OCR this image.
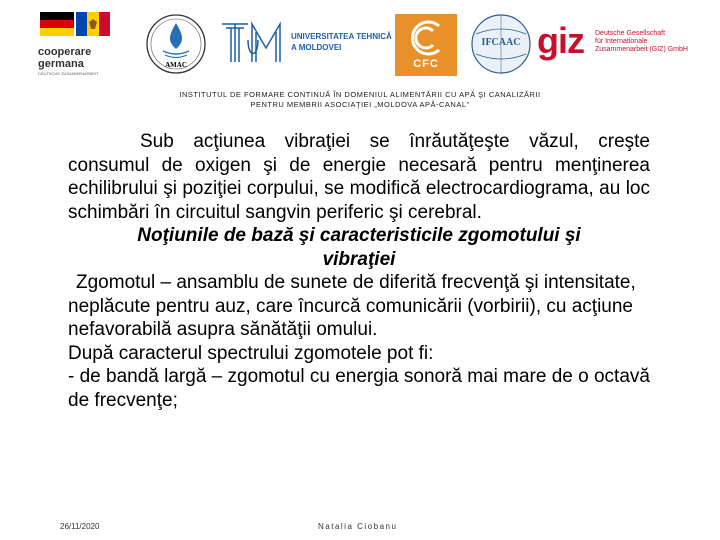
cooperare
germana
DEUTSCHE ZUSAMMENARBEIT
AMAC
UNIVERSITATEA TEHNICĂ
A MOLDOVEI
CFC
IFCAAC giz Deutsche Gesellschaft
für Internationale
Zusammenarbeit (GIZ) GmbH
INSTITUTUL DE FORMARE CONTINUĂ ÎN DOMENIUL ALIMENTĂRII CU APĂ ŞI CANALIZĂRII
PENTRU MEMBRII ASOCIAŢIEI „MOLDOVA APĂ-CANAL”

Sub acţiunea vibraţiei se înrăutăţeşte văzul, creşte consumul de oxigen şi de energie necesară pentru menţinerea echilibrului şi poziţiei corpului, se modifică electrocardiograma, au loc schimbări în circuitul sangvin periferic şi cerebral.

Noţiunile de bază şi caracteristicile zgomotului şi
vibraţiei

Zgomotul – ansamblu de sunete de diferită frecvenţă şi intensitate, neplăcute pentru auz, care încurcă comunicării (vorbirii), cu acţiune nefavorabilă asupra sănătăţii omului.

După caracterul spectrului zgomotele pot fi:

- de bandă largă – zgomotul cu energia sonoră mai mare de o octavă de frecvenţe;

26/11/2020	Natalia Ciobanu
